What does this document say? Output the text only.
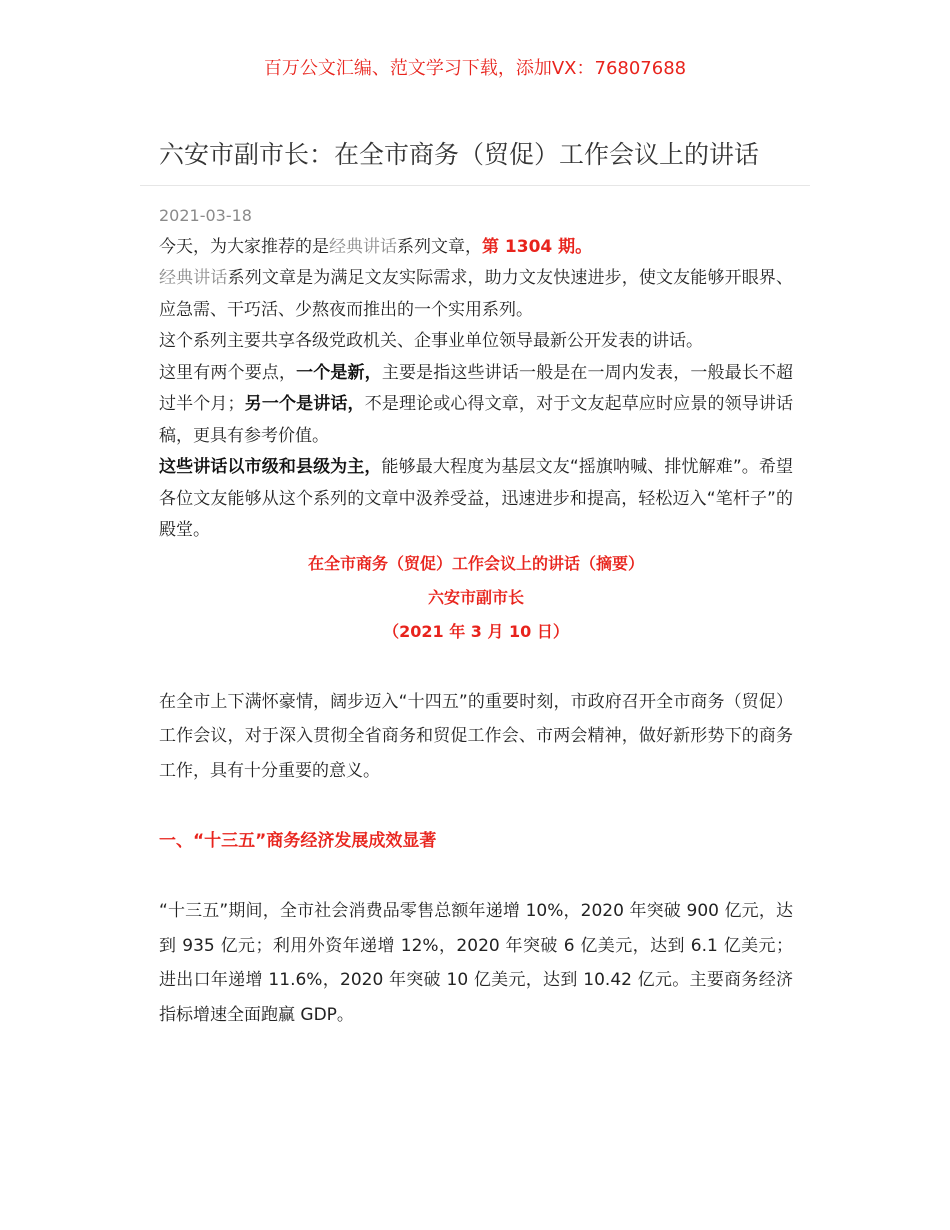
百万公文汇编、范文学习下载，添加VX：76807688
六安市副市长：在全市商务（贸促）工作会议上的讲话

2021-03-18

今天，为大家推荐的是经典讲话系列文章，第 1304 期。

经典讲话系列文章是为满足文友实际需求，助力文友快速进步，使文友能够开眼界、应急需、干巧活、少熬夜而推出的一个实用系列。

这个系列主要共享各级党政机关、企事业单位领导最新公开发表的讲话。

这里有两个要点，一个是新，主要是指这些讲话一般是在一周内发表，一般最长不超过半个月；另一个是讲话，不是理论或心得文章，对于文友起草应时应景的领导讲话稿，更具有参考价值。

这些讲话以市级和县级为主，能够最大程度为基层文友“摇旗呐喊、排忧解难”。希望各位文友能够从这个系列的文章中汲养受益，迅速进步和提高，轻松迈入“笔杆子”的殿堂。

在全市商务（贸促）工作会议上的讲话（摘要）

六安市副市长

（2021 年 3 月 10 日）

在全市上下满怀豪情，阔步迈入“十四五”的重要时刻，市政府召开全市商务（贸促）工作会议，对于深入贯彻全省商务和贸促工作会、市两会精神，做好新形势下的商务工作，具有十分重要的意义。

一、“十三五”商务经济发展成效显著

“十三五”期间，全市社会消费品零售总额年递增 10%，2020 年突破 900 亿元，达到 935 亿元；利用外资年递增 12%，2020 年突破 6 亿美元，达到 6.1 亿美元；进出口年递增 11.6%，2020 年突破 10 亿美元，达到 10.42 亿元。主要商务经济指标增速全面跑赢 GDP。
